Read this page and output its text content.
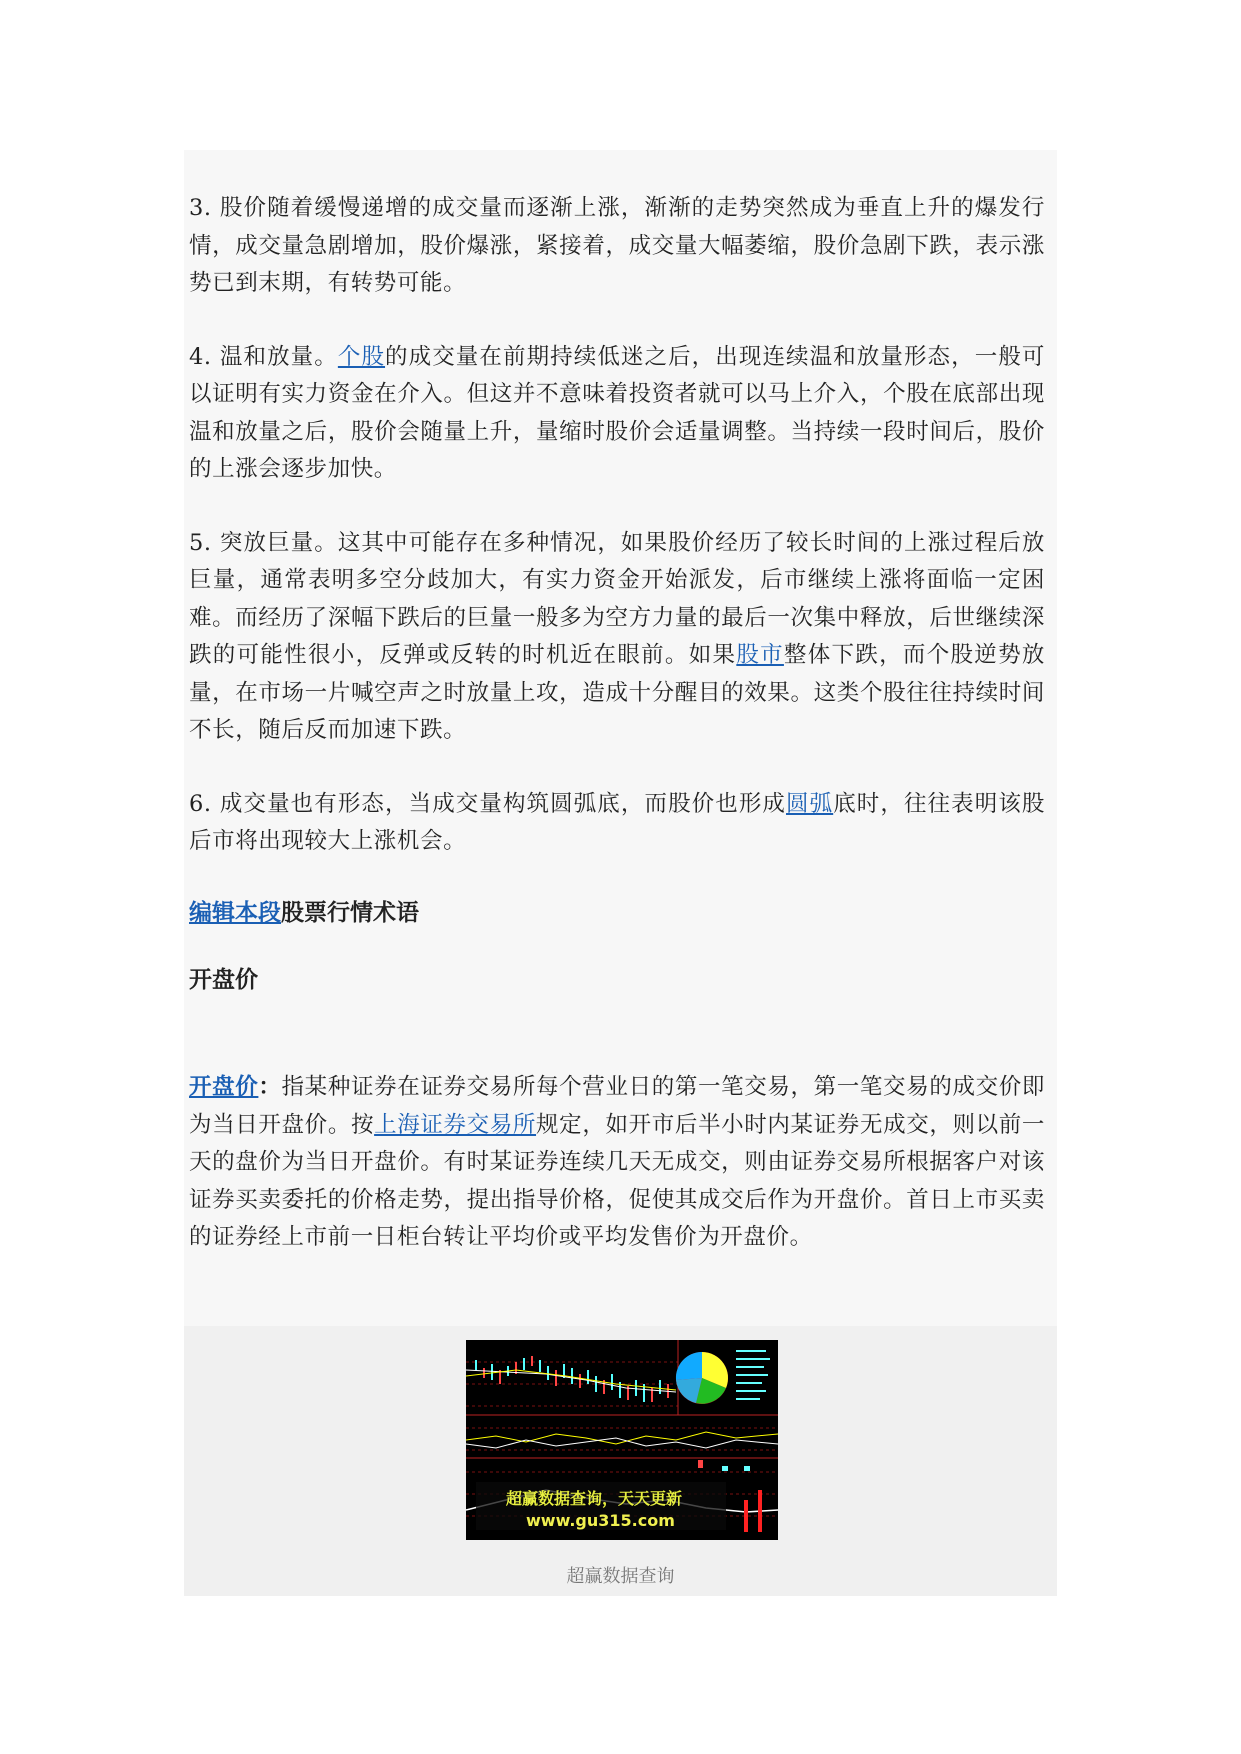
3. 股价随着缓慢递增的成交量而逐渐上涨，渐渐的走势突然成为垂直上升的爆发行情，成交量急剧增加，股价爆涨，紧接着，成交量大幅萎缩，股价急剧下跌，表示涨势已到末期，有转势可能。

4. 温和放量。个股的成交量在前期持续低迷之后，出现连续温和放量形态，一般可以证明有实力资金在介入。但这并不意味着投资者就可以马上介入，个股在底部出现温和放量之后，股价会随量上升，量缩时股价会适量调整。当持续一段时间后，股价的上涨会逐步加快。

5. 突放巨量。这其中可能存在多种情况，如果股价经历了较长时间的上涨过程后放巨量，通常表明多空分歧加大，有实力资金开始派发，后市继续上涨将面临一定困难。而经历了深幅下跌后的巨量一般多为空方力量的最后一次集中释放，后世继续深跌的可能性很小，反弹或反转的时机近在眼前。如果股市整体下跌，而个股逆势放量，在市场一片喊空声之时放量上攻，造成十分醒目的效果。这类个股往往持续时间不长，随后反而加速下跌。

6. 成交量也有形态，当成交量构筑圆弧底，而股价也形成圆弧底时，往往表明该股后市将出现较大上涨机会。

编辑本段股票行情术语
开盘价

开盘价：指某种证券在证券交易所每个营业日的第一笔交易，第一笔交易的成交价即为当日开盘价。按上海证券交易所规定，如开市后半小时内某证券无成交，则以前一天的盘价为当日开盘价。有时某证券连续几天无成交，则由证券交易所根据客户对该证券买卖委托的价格走势，提出指导价格，促使其成交后作为开盘价。首日上市买卖的证券经上市前一日柜台转让平均价或平均发售价为开盘价。

超赢数据查询，天天更新
www.gu315.com
超赢数据查询
